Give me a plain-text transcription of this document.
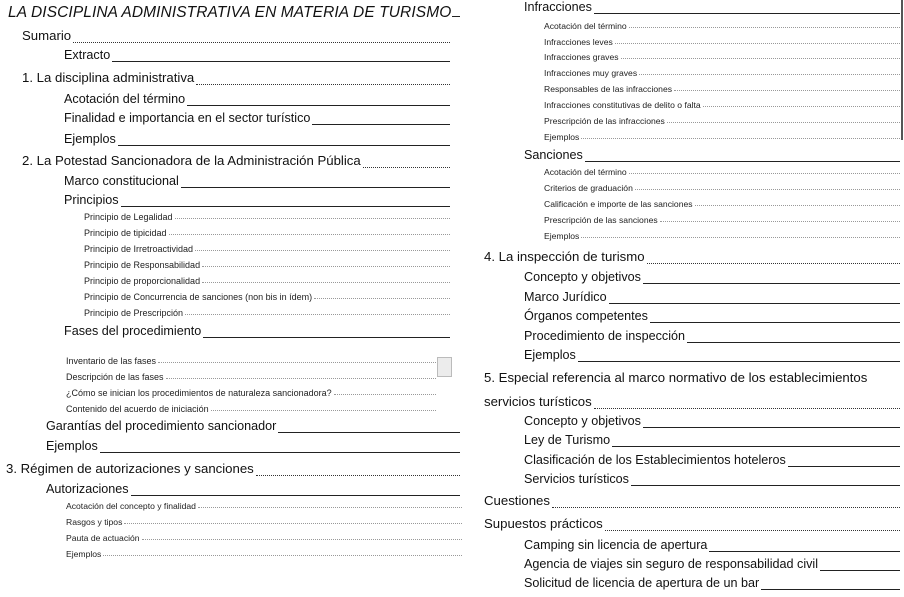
LA DISCIPLINA ADMINISTRATIVA EN MATERIA DE TURISMO
Sumario
Extracto
1. La disciplina administrativa
Acotación del término
Finalidad e importancia en el sector turístico
Ejemplos
2. La Potestad Sancionadora de la Administración Pública
Marco constitucional
Principios
Principio de Legalidad
Principio de tipicidad
Principio de Irretroactividad
Principio de Responsabilidad
Principio de proporcionalidad
Principio de Concurrencia de sanciones (non bis in ídem)
Principio de Prescripción
Fases del procedimiento
Inventario de las fases
Descripción de las fases
¿Cómo se inician los procedimientos de naturaleza sancionadora?
Contenido del acuerdo de iniciación
Garantías del procedimiento sancionador
Ejemplos
3. Régimen de autorizaciones y sanciones
Autorizaciones
Acotación del concepto y finalidad
Rasgos y tipos
Pauta de actuación
Ejemplos
Infracciones
Acotación del término
Infracciones leves
Infracciones graves
Infracciones muy graves
Responsables de las infracciones
Infracciones constitutivas de delito o falta
Prescripción de las infracciones
Ejemplos
Sanciones
Acotación del término
Criterios de graduación
Calificación e importe de las sanciones
Prescripción de las sanciones
Ejemplos
4. La inspección de turismo
Concepto y objetivos
Marco Jurídico
Órganos competentes
Procedimiento de inspección
Ejemplos
5. Especial referencia al marco normativo de los establecimientos
servicios turísticos
Concepto y objetivos
Ley de Turismo
Clasificación de los Establecimientos hoteleros
Servicios turísticos
Cuestiones
Supuestos prácticos
Camping sin licencia de apertura
Agencia de viajes sin seguro de responsabilidad civil
Solicitud de licencia de apertura de un bar
